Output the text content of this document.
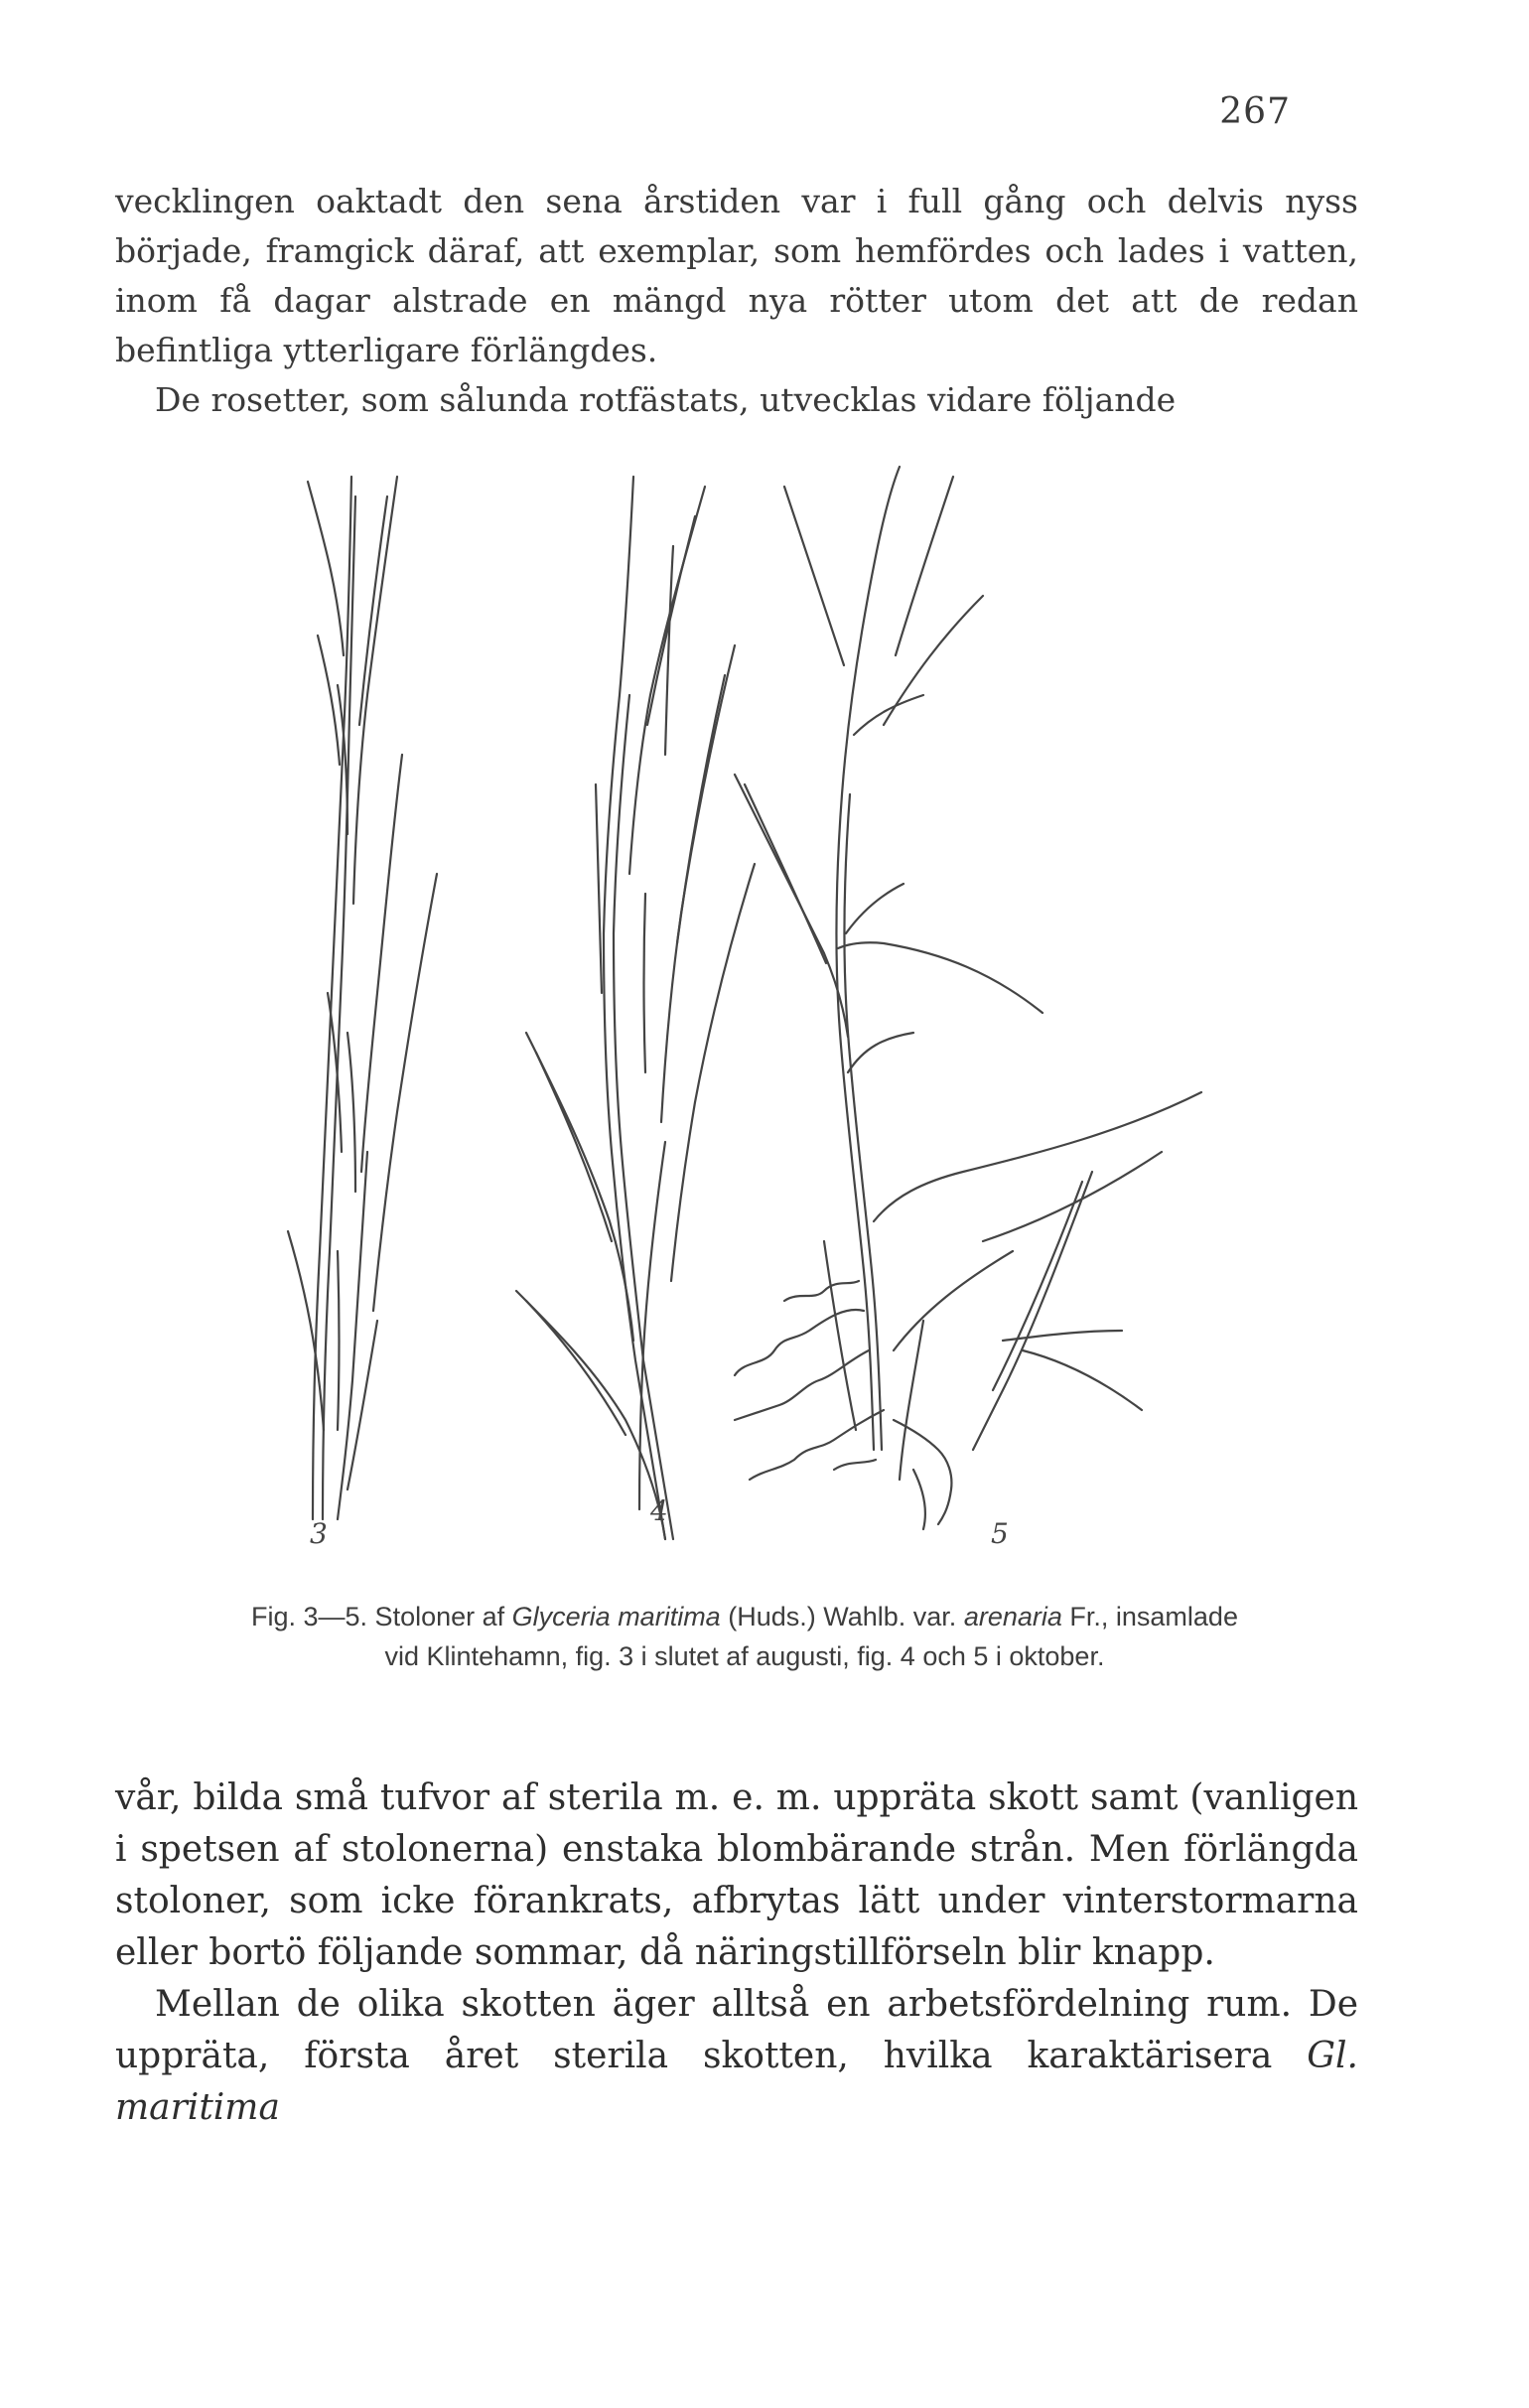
267

vecklingen oaktadt den sena årstiden var i full gång och delvis nyss började, framgick däraf, att exemplar, som hemfördes och lades i vatten, inom få dagar alstrade en mängd nya rötter utom det att de redan befintliga ytterligare förlängdes.

De rosetter, som sålunda rotfästats, utvecklas vidare följande

3
4
5
Fig. 3—5. Stoloner af Glyceria maritima (Huds.) Wahlb. var. arenaria Fr., insamlade vid Klintehamn, fig. 3 i slutet af augusti, fig. 4 och 5 i oktober.

vår, bilda små tufvor af sterila m. e. m. uppräta skott samt (vanligen i spetsen af stolonerna) enstaka blombärande strån. Men förlängda stoloner, som icke förankrats, afbrytas lätt under vinterstormarna eller bortö följande sommar, då näringstillförseln blir knapp.

Mellan de olika skotten äger alltså en arbetsfördelning rum. De uppräta, första året sterila skotten, hvilka karaktärisera Gl. maritima
